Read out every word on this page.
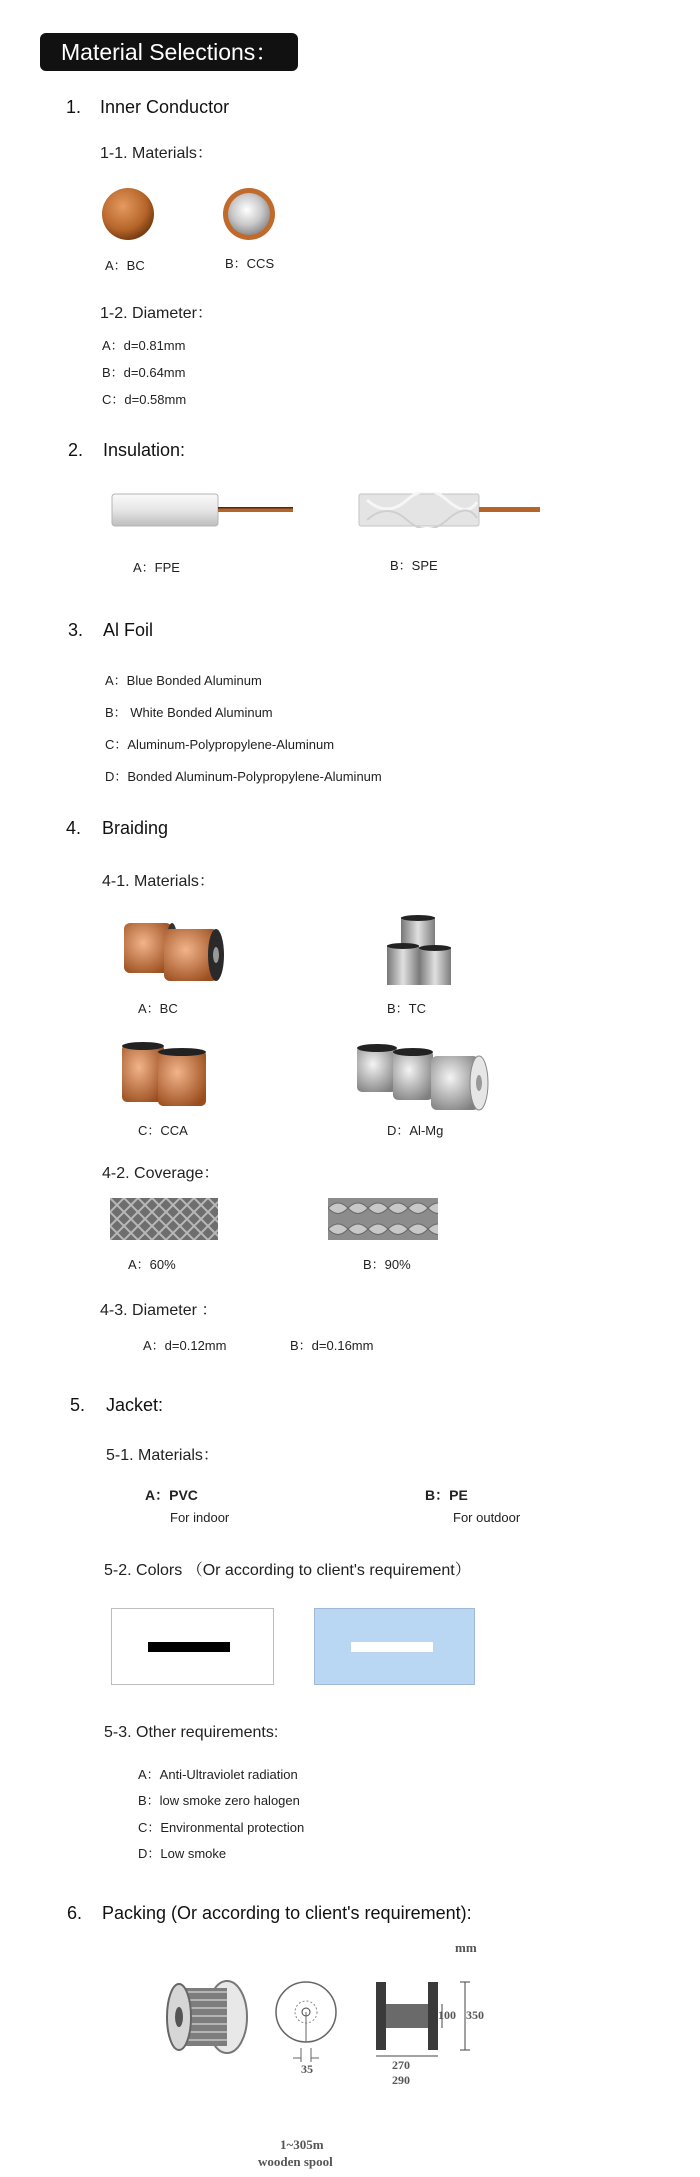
Material Selections：
1. Inner Conductor
1-1. Materials：
A：BC	B：CCS
1-2. Diameter：
A：d=0.81mm
B：d=0.64mm
C：d=0.58mm
2. Insulation:
A：FPE	B：SPE
3. Al Foil
A：Blue Bonded Aluminum
B： White Bonded Aluminum
C：Aluminum-Polypropylene-Aluminum
D：Bonded Aluminum-Polypropylene-Aluminum
4. Braiding
4-1. Materials：
A：BC	B：TC
C：CCA	D：Al-Mg
4-2. Coverage：
A：60%	B：90%
4-3. Diameter ：
A：d=0.12mm	B：d=0.16mm
5. Jacket:
5-1. Materials：
A：PVC
For indoor
B：PE
For outdoor
5-2. Colors （Or according to client's requirement）
5-3. Other requirements:
A：Anti-Ultraviolet radiation
B：low smoke zero halogen
C：Environmental protection
D：Low smoke
6. Packing (Or according to client's requirement):
mm
35
100 350
270
290
1~305m
wooden spool
